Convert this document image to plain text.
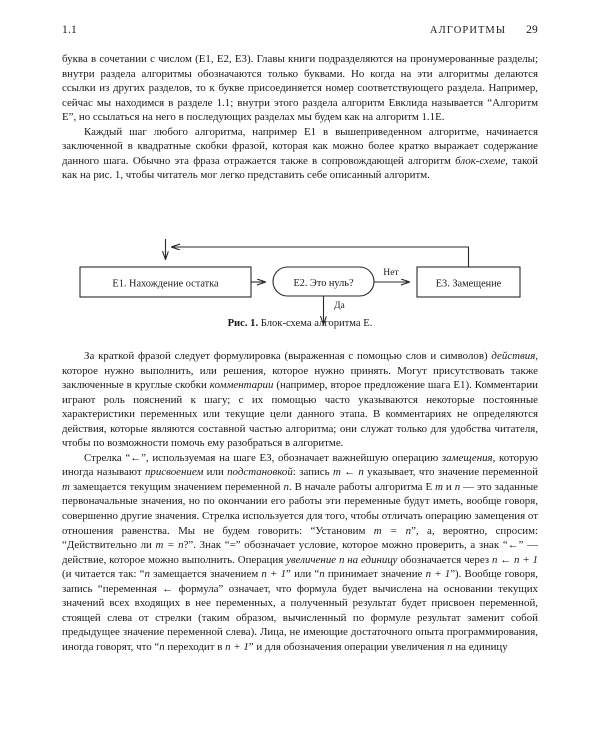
1.1	АЛГОРИТМЫ 29

буква в сочетании с числом (E1, E2, E3). Главы книги подразделяются на пронумерованные разделы; внутри раздела алгоритмы обозначаются только буквами. Но когда на эти алгоритмы делаются ссылки из других разделов, то к букве присоединяется номер соответствующего раздела. Например, сейчас мы находимся в разделе 1.1; внутри этого раздела алгоритм Евклида называется “Алгоритм E”, но ссылаться на него в последующих разделах мы будем как на алгоритм 1.1E.

Каждый шаг любого алгоритма, например E1 в вышеприведенном алгоритме, начинается заключенной в квадратные скобки фразой, которая как можно более кратко выражает содержание данного шага. Обычно эта фраза отражается также в сопровождающей алгоритм блок-схеме, такой как на рис. 1, чтобы читатель мог легко представить себе описанный алгоритм.

E1. Нахождение остатка	E2. Это нуль?	E3. Замещение
Нет
Да
Рис. 1. Блок-схема алгоритма E.

За краткой фразой следует формулировка (выраженная с помощью слов и символов) действия, которое нужно выполнить, или решения, которое нужно принять. Могут присутствовать также заключенные в круглые скобки комментарии (например, второе предложение шага E1). Комментарии играют роль пояснений к шагу; с их помощью часто указываются некоторые постоянные характеристики переменных или текущие цели данного этапа. В комментариях не определяются действия, которые являются составной частью алгоритма; они служат только для удобства читателя, чтобы по возможности помочь ему разобраться в алгоритме.

Стрелка “←”, используемая на шаге E3, обозначает важнейшую операцию замещения, которую иногда называют присвоением или подстановкой: запись m ← n указывает, что значение переменной m замещается текущим значением переменной n. В начале работы алгоритма E m и n — это заданные первоначальные значения, но по окончании его работы эти переменные будут иметь, вообще говоря, совершенно другие значения. Стрелка используется для того, чтобы отличать операцию замещения от отношения равенства. Мы не будем говорить: “Установим m = n”, а, вероятно, спросим: “Действительно ли m = n?”. Знак “=” обозначает условие, которое можно проверить, а знак “←” — действие, которое можно выполнить. Операция увеличение n на единицу обозначается через n ← n + 1 (и читается так: “n замещается значением n + 1” или “n принимает значение n + 1”). Вообще говоря, запись “переменная ← формула” означает, что формула будет вычислена на основании текущих значений всех входящих в нее переменных, а полученный результат будет присвоен переменной, стоящей слева от стрелки (таким образом, вычисленный по формуле результат заменит собой предыдущее значение переменной слева). Лица, не имеющие достаточного опыта программирования, иногда говорят, что “n переходит в n + 1” и для обозначения операции увеличения n на единицу
